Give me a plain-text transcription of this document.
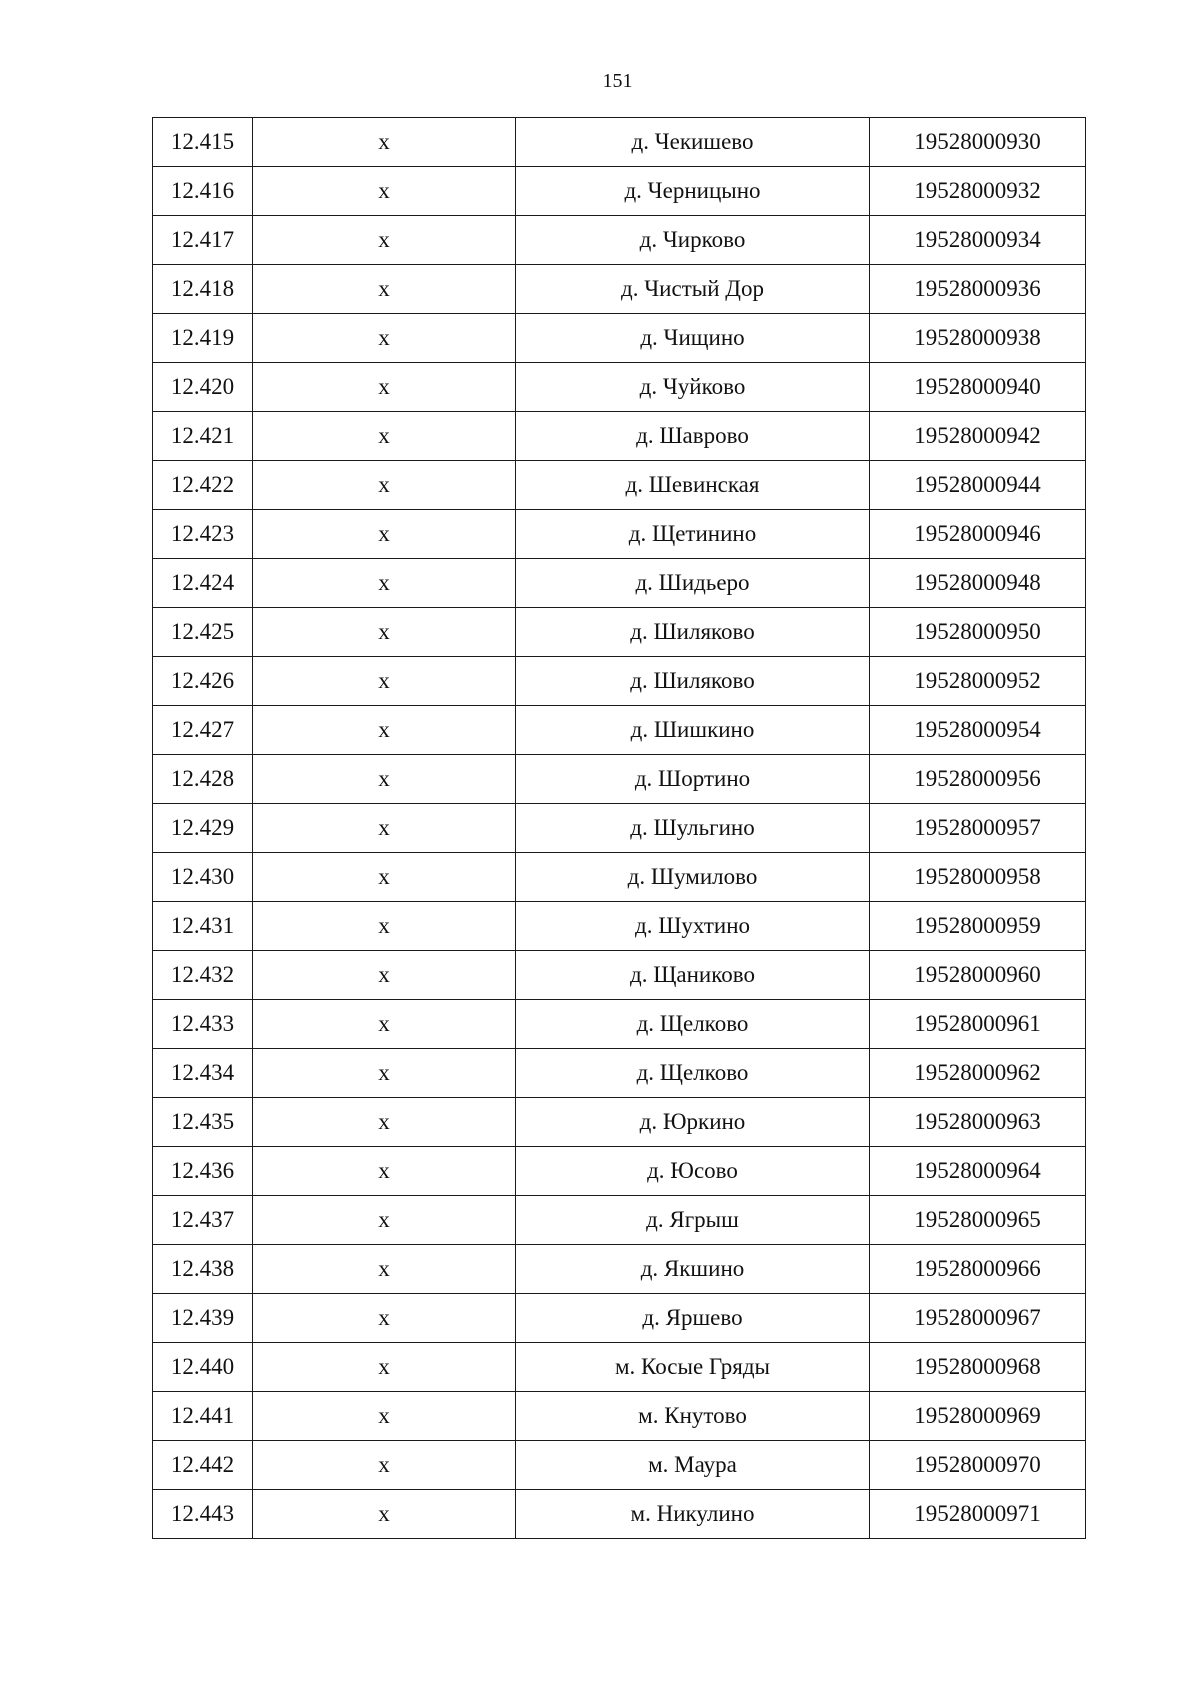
151
12.415	х	д. Чекишево	19528000930
12.416	х	д. Черницыно	19528000932
12.417	х	д. Чирково	19528000934
12.418	х	д. Чистый Дор	19528000936
12.419	х	д. Чищино	19528000938
12.420	х	д. Чуйково	19528000940
12.421	х	д. Шаврово	19528000942
12.422	х	д. Шевинская	19528000944
12.423	х	д. Щетинино	19528000946
12.424	х	д. Шидьеро	19528000948
12.425	х	д. Шиляково	19528000950
12.426	х	д. Шиляково	19528000952
12.427	х	д. Шишкино	19528000954
12.428	х	д. Шортино	19528000956
12.429	х	д. Шульгино	19528000957
12.430	х	д. Шумилово	19528000958
12.431	х	д. Шухтино	19528000959
12.432	х	д. Щаниково	19528000960
12.433	х	д. Щелково	19528000961
12.434	х	д. Щелково	19528000962
12.435	х	д. Юркино	19528000963
12.436	х	д. Юсово	19528000964
12.437	х	д. Ягрыш	19528000965
12.438	х	д. Якшино	19528000966
12.439	х	д. Яршево	19528000967
12.440	х	м. Косые Гряды	19528000968
12.441	х	м. Кнутово	19528000969
12.442	х	м. Маура	19528000970
12.443	х	м. Никулино	19528000971
